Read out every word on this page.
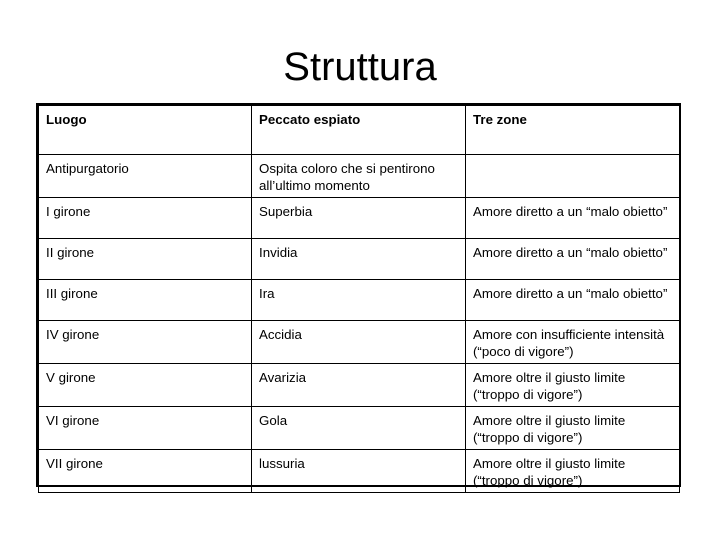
Struttura
Luogo	Peccato espiato	Tre zone
Antipurgatorio	Ospita coloro che si pentirono all’ultimo momento	
I girone	Superbia	Amore diretto a un “malo obietto”
II girone	Invidia	Amore diretto a un “malo obietto”
III girone	Ira	Amore diretto a un “malo obietto”
IV girone	Accidia	Amore con insufficiente intensità (“poco di vigore”)
V girone	Avarizia	Amore oltre il giusto limite (“troppo di vigore”)
VI girone	Gola	Amore oltre il giusto limite (“troppo di vigore”)
VII girone	lussuria	Amore oltre il giusto limite (“troppo di vigore”)
